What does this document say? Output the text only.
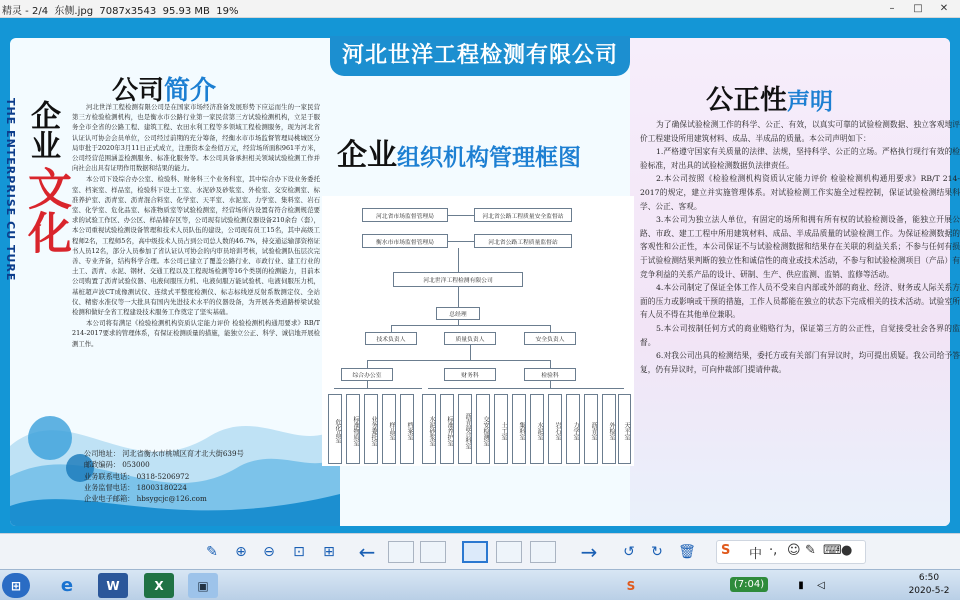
精灵 - 2/4  东侧.jpg  7087x3543  95.93 MB  19%	–	□	✕
河北世洋工程检测有限公司
THE ENTERPRISE CU TURE 企业
文化
公司简介

河北世洋工程检测有限公司是在国家市场经济准备发展形势下应运而生的一家民营第三方检验检测机构，也是衡水市公路行业第一家民营第三方试验检测机构，立足于服务全市全省的公路工程、建筑工程、农田水利工程等多领域工程检测服务，现为河北省认证认可协会会员单位，公司经过前期的充分筹备，经衡水市市场监督管理局桃城区分局审批于2020年3月11日正式成立，注册资本金叁佰万元，经营场所面积961平方米，公司经营范围涵盖检测服务、标准化服务等。本公司具备承担相关领域试验检测工作并向社会出具有证明作用数据和结果的能力。

本公司下设综合办公室、检验科、财务科三个业务科室，其中综合办下设业务委托室、档案室、样品室，检验科下设土工室、水泥砂及砂浆室、外检室、交安检测室、标准养护室、沥青室、沥青混合料室、化学室、天平室、水泥室、力学室、集料室、岩石室、化学室、危化品室、标准物质室等试验检测室，经营场所内设置有符合检测规范要求的试验工作区、办公区、样品储存区等，公司现有试验检测仪器设备210余台（套），本公司重视试验检测设备管理和技术人员队伍的建设，公司现有员工15名，其中高级工程师2名，工程师5名，高中级技术人员占到公司总人数的46.7%，持交通运输部资格证书人员12名，部分人员参加了省认证认可协会的内审员培训考核，试验检测队伍层次完善、专业齐备，结构科学合理。本公司已建立了覆盖公路行业、市政行业、建工行业的土工、沥青、水泥、钢材、交通工程以及工程现场检测等16个类别的检测能力，目前本公司购置了沥青试验仪器、电液伺服压力机、电液伺服万能试验机、电液伺服压力机，基桩超声波CT成像测试仪、连续式平整度检测仪、标志标线逆反射系数测定仪、全站仪、精密水准仪等一大批具有国内先进技术水平的仪器设备，为开展各类道路桥梁试验检测和做好全省工程建设技术服务工作奠定了坚实基础。

本公司将有满足《检验检测机构资质认定能力评价 检验检测机构通用要求》RB/T 214-2017要求的管理体系，有保证检测质量的措施，能独立公正、科学、诚信地开展检测工作。

公司地址： 河北省衡水市桃城区育才北大街639号
邮政编码： 053000
业务联系电话： 0318-5206972
业务监督电话： 18003180224
企业电子邮箱： hbsygcjc@126.com
企业组织机构管理框图
河北省市场监督管理局	河北省公路工程质量安全监督站
衡水市市场监督管理局	河北省公路工程质量监督站
河北世洋工程检测有限公司
总经理
技术负责人	质量负责人	安全负责人
综合办公室	财务科	检验科
危化品室	标准物质室	业务委托室	样品室	档案室	水泥砂浆室	标准养护室	沥青混合料室	交安检测室	土工室	集料室	水泥室	岩石室	力学室	沥青室	外检室	天平室
公正性声明

为了确保试验检测工作的科学、公正、有效，以真实可靠的试验检测数据、独立客观地评价工程建设所用建筑材料、成品、半成品的质量。本公司声明如下：

1.严格遵守国家有关质量的法律、法规，坚持科学、公正的立场。严格执行现行有效的检验标准，对出具的试验检测数据负法律责任。

2.本公司按照《检验检测机构资质认定能力评价 检验检测机构通用要求》RB/T 214-2017的规定，建立并实施管理体系。对试验检测工作实施全过程控制，保证试验检测结果科学、公正、客观。

3.本公司为独立法人单位，有固定的场所和拥有所有权的试验检测设备，能独立开展公路、市政、建工工程中所用建筑材料、成品、半成品质量的试验检测工作。为保证检测数据的客观性和公正性，本公司保证不与试验检测数据和结果存在关联的利益关系；不参与任何有损于试验检测结果判断的独立性和诚信性的商业或技术活动，不参与和试验检测项目（产品）有竞争利益的关系产品的设计、研制、生产、供应监测、监销、监修等活动。

4.本公司制定了保证全体工作人员不受来自内部或外部的商业、经济、财务或人际关系方面的压力或影响或干预的措施，工作人员都能在独立的状态下完成相关的技术活动。试验室所有人员不得在其他单位兼职。

5.本公司按制任何方式的商业贿赂行为，保证第三方的公正性，自觉接受社会各界的监督。

6.对我公司出具的检测结果，委托方或有关部门有异议时，均可提出质疑。我公司给予答复，仍有异议时，可向仲裁部门提请仲裁。

✎ ⊕ ⊖ ⊡ ⊞ ←	→ ↺ ↻ 🗑 S 中 ·, ☺ ✎ ⌨ ●
⊞	e	W	X	▣	S	(7:04)	▮	◁
6:50
2020-5-2
